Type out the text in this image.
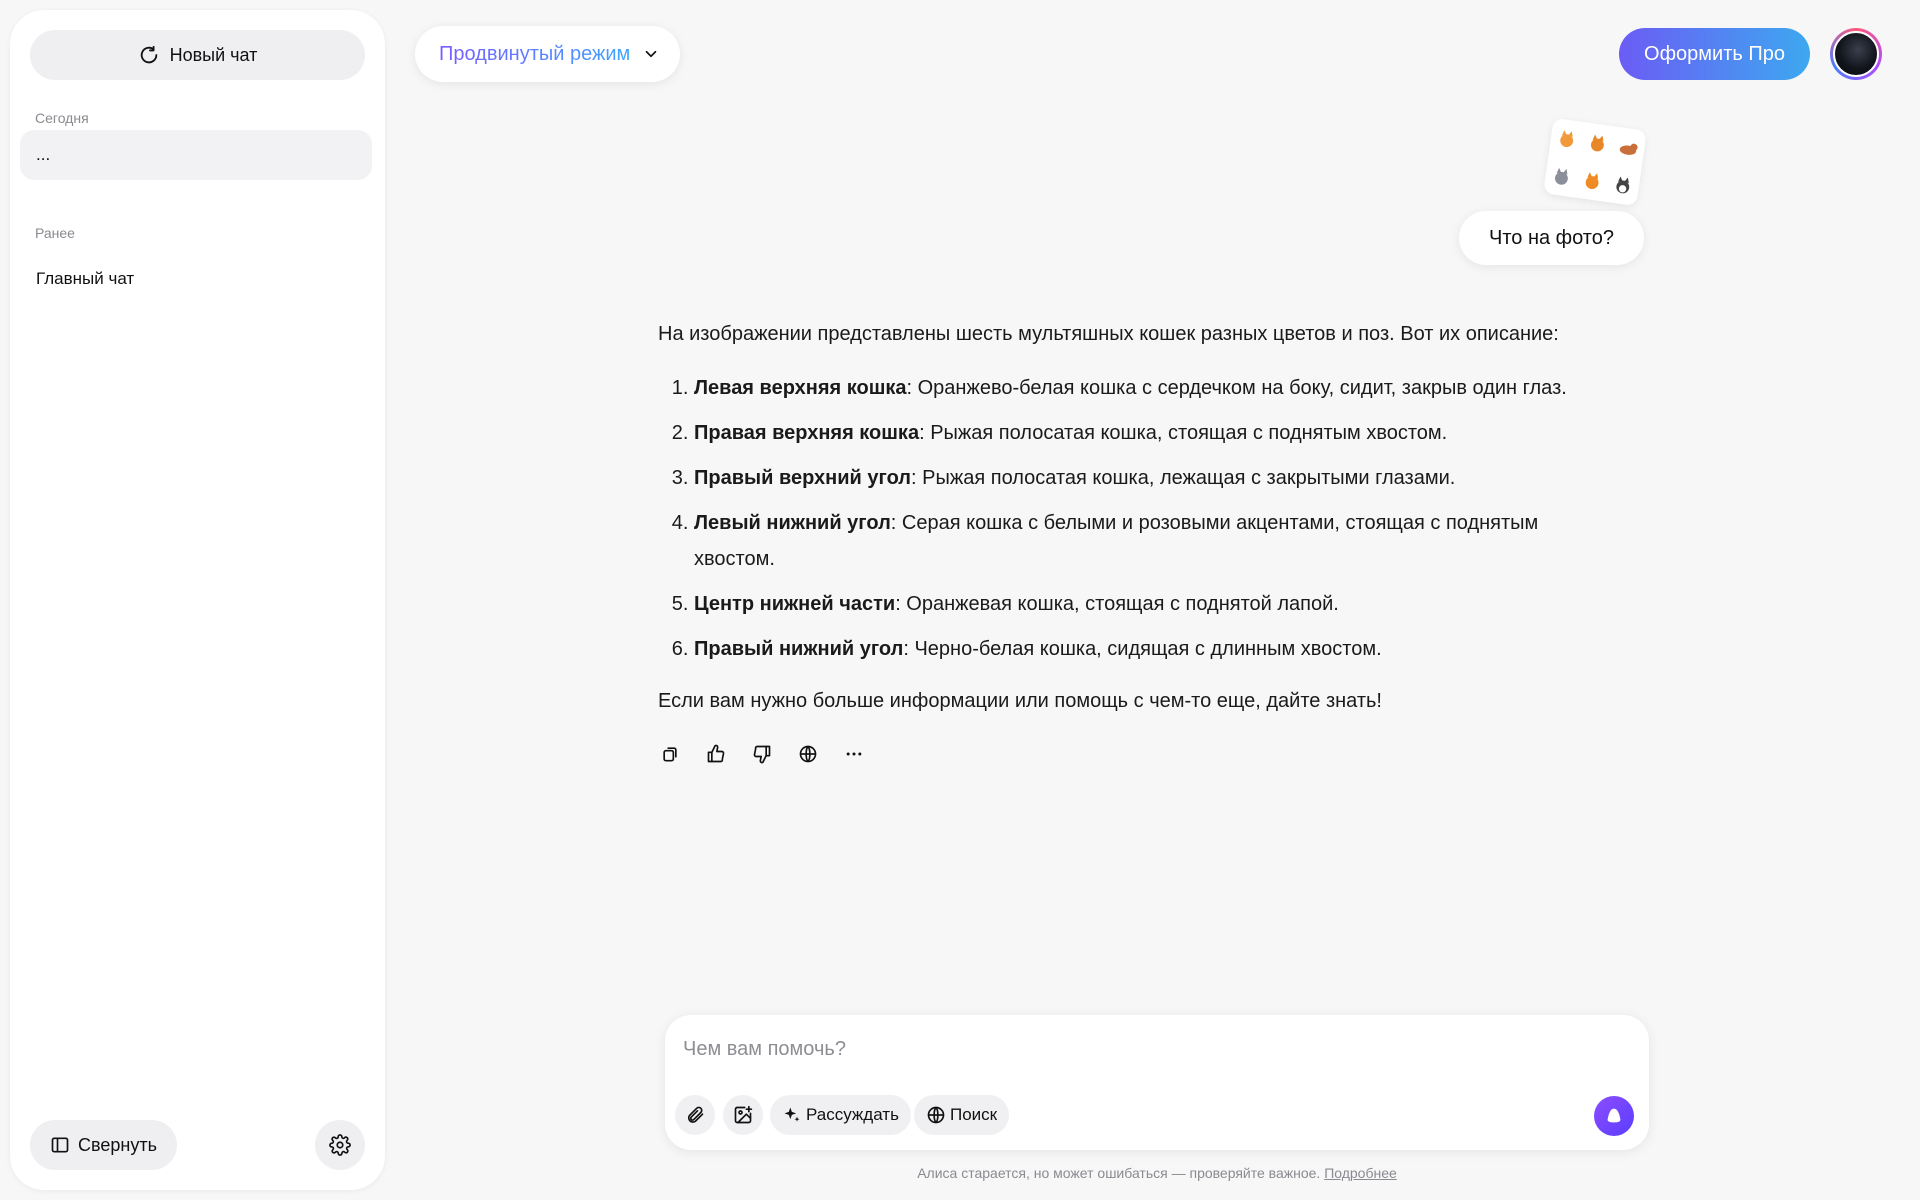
Новый чат
Сегодня
...
Ранее
Главный чат
Свернуть
Продвинутый режим	Оформить Про
Что на фото?

На изображении представлены шесть мультяшных кошек разных цветов и поз. Вот их описание:

1. Левая верхняя кошка: Оранжево-белая кошка с сердечком на боку, сидит, закрыв один глаз.
2. Правая верхняя кошка: Рыжая полосатая кошка, стоящая с поднятым хвостом.
3. Правый верхний угол: Рыжая полосатая кошка, лежащая с закрытыми глазами.
4. Левый нижний угол: Серая кошка с белыми и розовыми акцентами, стоящая с поднятым хвостом.
5. Центр нижней части: Оранжевая кошка, стоящая с поднятой лапой.
6. Правый нижний угол: Черно-белая кошка, сидящая с длинным хвостом.

Если вам нужно больше информации или помощь с чем-то еще, дайте знать!

Чем вам помочь?
Рассуждать	Поиск
Алиса старается, но может ошибаться — проверяйте важное. Подробнее
